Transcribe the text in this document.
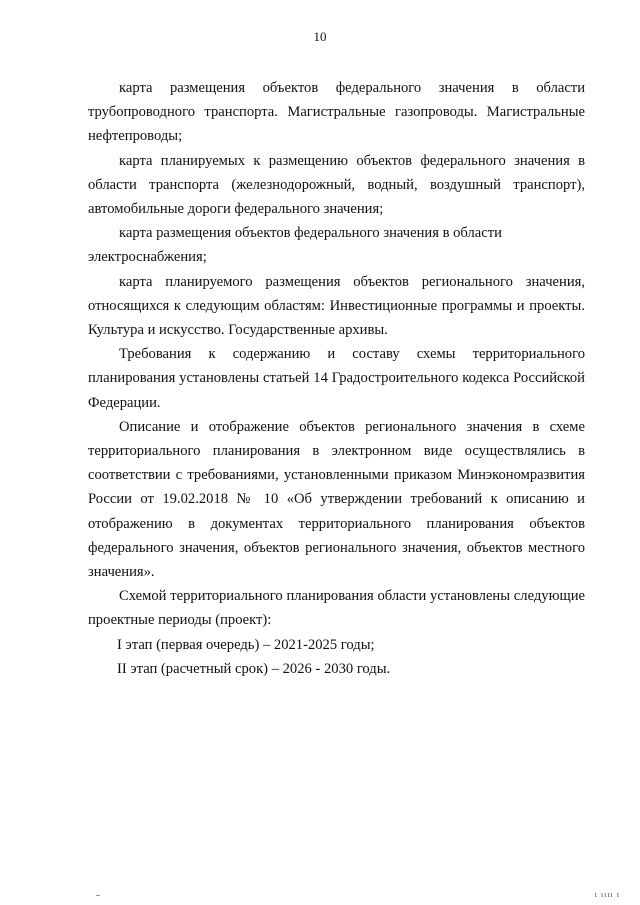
10

карта размещения объектов федерального значения в области трубопроводного транспорта. Магистральные газопроводы. Магистральные нефтепроводы;

карта планируемых к размещению объектов федерального значения в области транспорта (железнодорожный, водный, воздушный транспорт), автомобильные дороги федерального значения;

карта размещения объектов федерального значения в области электроснабжения;

карта планируемого размещения объектов регионального значения, относящихся к следующим областям: Инвестиционные программы и проекты. Культура и искусство. Государственные архивы.

Требования к содержанию и составу схемы территориального планирования установлены статьей 14 Градостроительного кодекса Российской Федерации.

Описание и отображение объектов регионального значения в схеме территориального планирования в электронном виде осуществлялись в соответствии с требованиями, установленными приказом Минэкономразвития России от 19.02.2018 № 10 «Об утверждении требований к описанию и отображению в документах территориального планирования объектов федерального значения, объектов регионального значения, объектов местного значения».

Схемой территориального планирования области установлены следующие проектные периоды (проект):

I этап (первая очередь) – 2021-2025 годы;

II этап (расчетный срок) – 2026 - 2030 годы.

ı ıııı ı
